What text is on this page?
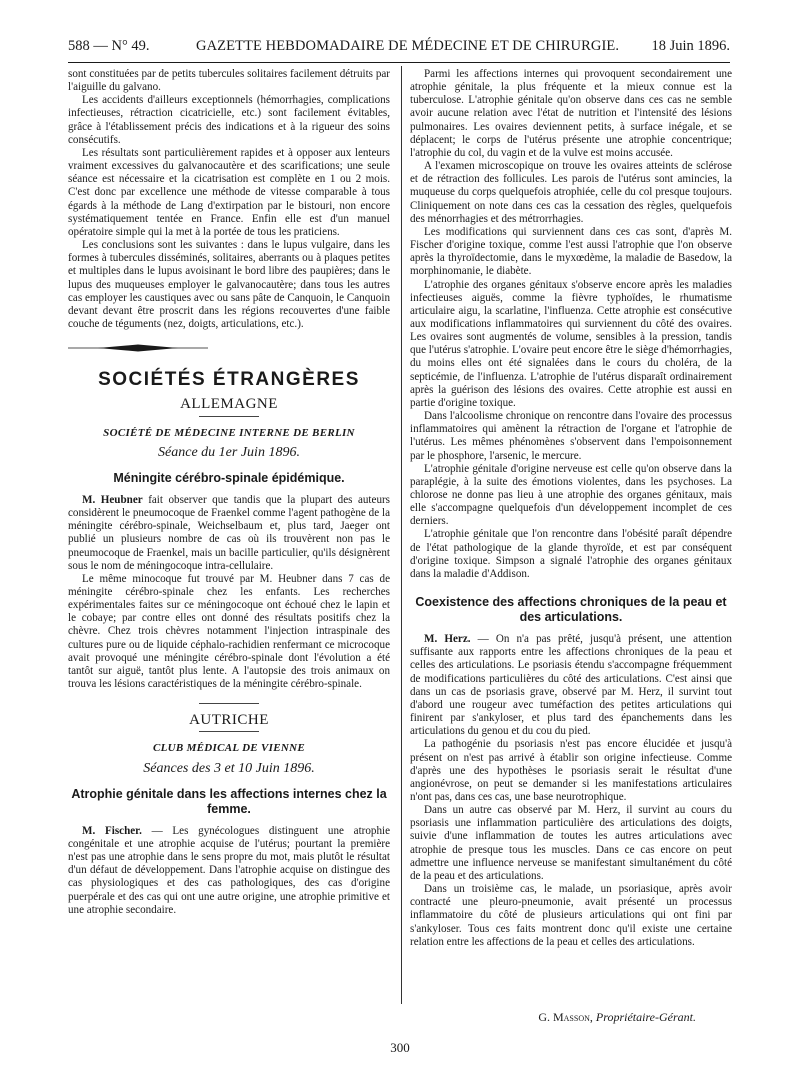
588 — N° 49.	GAZETTE HEBDOMADAIRE DE MÉDECINE ET DE CHIRURGIE. 18 Juin 1896.

sont constituées par de petits tubercules solitaires facilement détruits par l'aiguille du galvano.

Les accidents d'ailleurs exceptionnels (hémorrhagies, complications infectieuses, rétraction cicatricielle, etc.) sont facilement évitables, grâce à l'établissement précis des indications et à la rigueur des soins consécutifs.

Les résultats sont particulièrement rapides et à opposer aux lenteurs vraiment excessives du galvanocautère et des scarifications; une seule séance est nécessaire et la cicatrisation est complète en 1 ou 2 mois. C'est donc par excellence une méthode de vitesse comparable à tous égards à la méthode de Lang d'extirpation par le bistouri, non encore systématiquement tentée en France. Enfin elle est d'un manuel opératoire simple qui la met à la portée de tous les praticiens.

Les conclusions sont les suivantes : dans le lupus vulgaire, dans les formes à tubercules disséminés, solitaires, aberrants ou à plaques petites et multiples dans le lupus avoisinant le bord libre des paupières; dans le lupus des muqueuses employer le galvanocautère; dans tous les autres cas employer les caustiques avec ou sans pâte de Canquoin, le Canquoin devant devant être proscrit dans les régions recouvertes d'une faible couche de téguments (nez, doigts, articulations, etc.).

SOCIÉTÉS ÉTRANGÈRES
ALLEMAGNE
SOCIÉTÉ DE MÉDECINE INTERNE DE BERLIN
Séance du 1er Juin 1896.
Méningite cérébro-spinale épidémique.

M. Heubner fait observer que tandis que la plupart des auteurs considèrent le pneumocoque de Fraenkel comme l'agent pathogène de la méningite cérébro-spinale, Weichselbaum et, plus tard, Jaeger ont publié un plusieurs nombre de cas où ils trouvèrent non pas le pneumocoque de Fraenkel, mais un bacille particulier, qu'ils désignèrent sous le nom de méningocoque intra-cellulaire.

Le même minocoque fut trouvé par M. Heubner dans 7 cas de méningite cérébro-spinale chez les enfants. Les recherches expérimentales faites sur ce méningocoque ont échoué chez le lapin et le cobaye; par contre elles ont donné des résultats positifs chez la chèvre. Chez trois chèvres notamment l'injection intraspinale des cultures pure ou de liquide céphalo-rachidien renfermant ce microcoque avait provoqué une méningite cérébro-spinale dont l'évolution a été tantôt sur aiguë, tantôt plus lente. A l'autopsie des trois animaux on trouva les lésions caractéristiques de la méningite cérébro-spinale.

AUTRICHE
CLUB MÉDICAL DE VIENNE
Séances des 3 et 10 Juin 1896.
Atrophie génitale dans les affections internes chez la femme.

M. Fischer. — Les gynécologues distinguent une atrophie congénitale et une atrophie acquise de l'utérus; pourtant la première n'est pas une atrophie dans le sens propre du mot, mais plutôt le résultat d'un défaut de développement. Dans l'atrophie acquise on distingue des cas physiologiques et des cas pathologiques, des cas d'origine puerpérale et des cas qui ont une autre origine, une atrophie primitive et une atrophie secondaire.

Parmi les affections internes qui provoquent secondairement une atrophie génitale, la plus fréquente et la mieux connue est la tuberculose. L'atrophie génitale qu'on observe dans ces cas ne semble avoir aucune relation avec l'état de nutrition et l'intensité des lésions pulmonaires. Les ovaires deviennent petits, à surface inégale, et se déplacent; le corps de l'utérus présente une atrophie concentrique; l'atrophie du col, du vagin et de la vulve est moins accusée.

A l'examen microscopique on trouve les ovaires atteints de sclérose et de rétraction des follicules. Les parois de l'utérus sont amincies, la muqueuse du corps quelquefois atrophiée, celle du col presque toujours. Cliniquement on note dans ces cas la cessation des règles, quelquefois des ménorrhagies et des métrorrhagies.

Les modifications qui surviennent dans ces cas sont, d'après M. Fischer d'origine toxique, comme l'est aussi l'atrophie que l'on observe après la thyroïdectomie, dans le myxœdème, la maladie de Basedow, la morphinomanie, le diabète.

L'atrophie des organes génitaux s'observe encore après les maladies infectieuses aiguës, comme la fièvre typhoïdes, le rhumatisme articulaire aigu, la scarlatine, l'influenza. Cette atrophie est consécutive aux modifications inflammatoires qui surviennent du côté des ovaires. Les ovaires sont augmentés de volume, sensibles à la pression, tandis que l'utérus s'atrophie. L'ovaire peut encore être le siège d'hémorrhagies, du moins elles ont été signalées dans le cours du choléra, de la septicémie, de l'influenza. L'atrophie de l'utérus disparaît ordinairement après la guérison des lésions des ovaires. Cette atrophie est aussi en partie d'origine toxique.

Dans l'alcoolisme chronique on rencontre dans l'ovaire des processus inflammatoires qui amènent la rétraction de l'organe et l'atrophie de l'utérus. Les mêmes phénomènes s'observent dans l'empoisonnement par le phosphore, l'arsenic, le mercure.

L'atrophie génitale d'origine nerveuse est celle qu'on observe dans la paraplégie, à la suite des émotions violentes, dans les psychoses. La chlorose ne donne pas lieu à une atrophie des organes génitaux, mais elle s'accompagne quelquefois d'un développement incomplet de ces derniers.

L'atrophie génitale que l'on rencontre dans l'obésité paraît dépendre de l'état pathologique de la glande thyroïde, et est par conséquent d'origine toxique. Simpson a signalé l'atrophie des organes génitaux dans la maladie d'Addison.

Coexistence des affections chroniques de la peau et des articulations.

M. Herz. — On n'a pas prêté, jusqu'à présent, une attention suffisante aux rapports entre les affections chroniques de la peau et celles des articulations. Le psoriasis étendu s'accompagne fréquemment de modifications particulières du côté des articulations. C'est ainsi que dans un cas de psoriasis grave, observé par M. Herz, il survint tout d'abord une rougeur avec tuméfaction des petites articulations qui finirent par s'ankyloser, et plus tard des épanchements dans les articulations du genou et du cou du pied.

La pathogénie du psoriasis n'est pas encore élucidée et jusqu'à présent on n'est pas arrivé à établir son origine infectieuse. Comme d'après une des hypothèses le psoriasis serait le résultat d'une angionévrose, on peut se demander si les manifestations articulaires n'ont pas, dans ces cas, une base neurotrophique.

Dans un autre cas observé par M. Herz, il survint au cours du psoriasis une inflammation particulière des articulations des doigts, suivie d'une inflammation de toutes les autres articulations avec atrophie de presque tous les muscles. Dans ce cas encore on peut admettre une influence nerveuse se manifestant simultanément du côté de la peau et des articulations.

Dans un troisième cas, le malade, un psoriasique, après avoir contracté une pleuro-pneumonie, avait présenté un processus inflammatoire du côté de plusieurs articulations qui ont fini par s'ankyloser. Tous ces faits montrent donc qu'il existe une certaine relation entre les affections de la peau et celles des articulations.

G. Masson, Propriétaire-Gérant.
300
